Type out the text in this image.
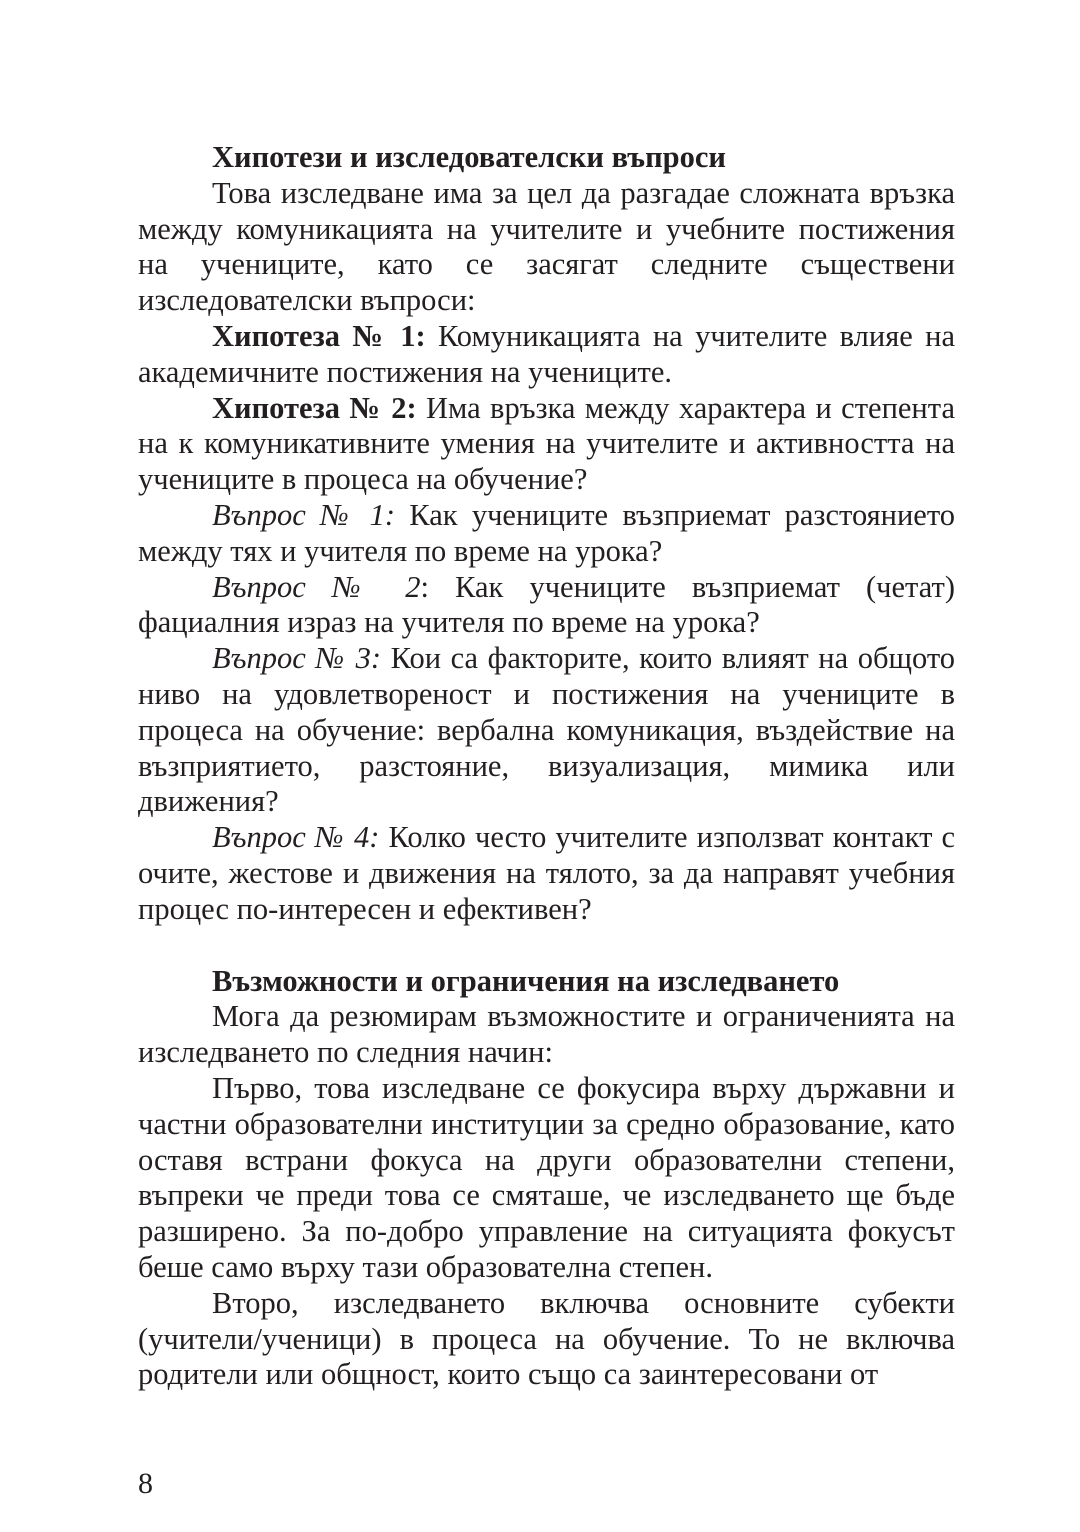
Хипотези и изследователски въпроси

Това изследване има за цел да разгадае сложната връзка между комуникацията на учителите и учебните постижения на учениците, като се засягат следните съществени изследователски въпроси:

Хипотеза № 1: Комуникацията на учителите влияе на академичните постижения на учениците.

Хипотеза № 2: Има връзка между характера и степента на к комуникативните умения на учителите и активността на учениците в процеса на обучение?

Въпрос № 1: Как учениците възприемат разстоянието между тях и учителя по време на урока?

Въпрос № 2: Как учениците възприемат (четат) фациалния израз на учителя по време на урока?

Въпрос № 3: Кои са факторите, които влияят на общото ниво на удовлетвореност и постижения на учениците в процеса на обучение: вербална комуникация, въздействие на възприятието, разстояние, визуализация, мимика или движения?

Въпрос № 4: Колко често учителите използват контакт с очите, жестове и движения на тялото, за да направят учебния процес по-интересен и ефективен?

Възможности и ограничения на изследването

Мога да резюмирам възможностите и ограниченията на изследването по следния начин:

Първо, това изследване се фокусира върху държавни и частни образователни институции за средно образование, като оставя встрани фокуса на други образователни степени, въпреки че преди това се смяташе, че изследването ще бъде разширено. За по-добро управление на ситуацията фокусът беше само върху тази образователна степен.

Второ, изследването включва основните субекти (учители/ученици) в процеса на обучение. То не включва родители или общност, които също са заинтересовани от

8
